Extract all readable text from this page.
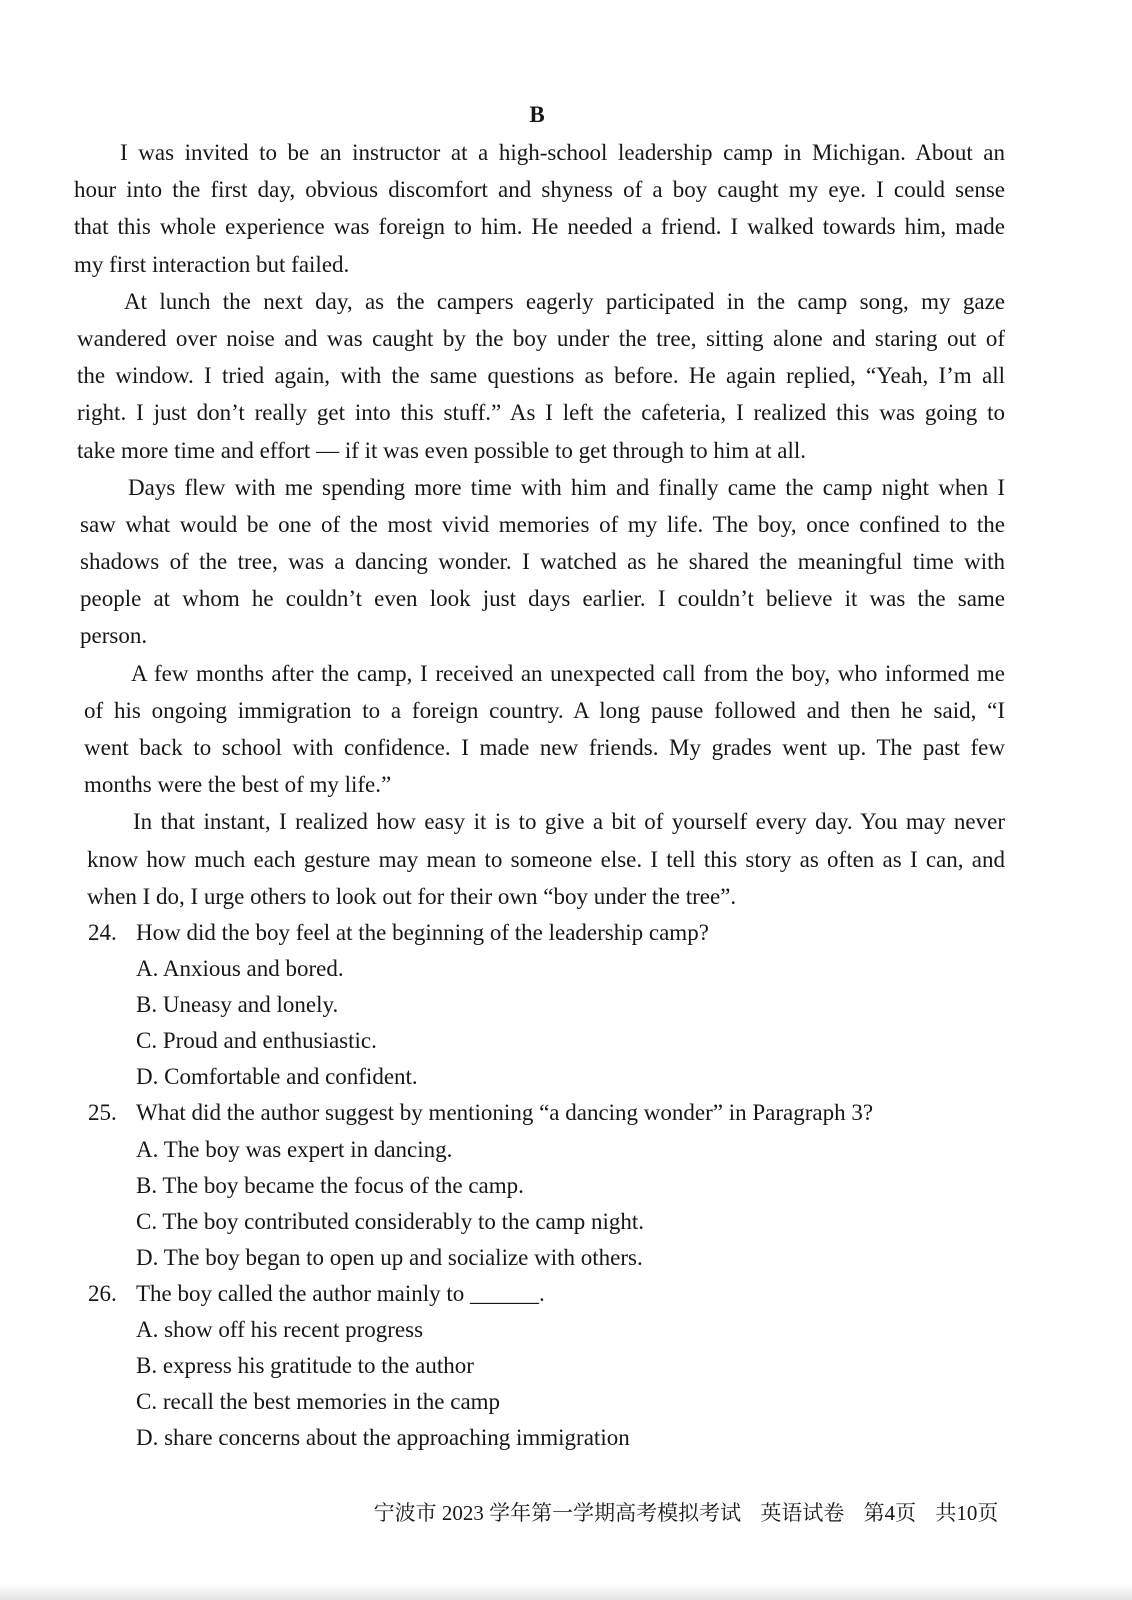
B
I was invited to be an instructor at a high-school leadership camp in Michigan. About an
hour into the first day, obvious discomfort and shyness of a boy caught my eye. I could sense
that this whole experience was foreign to him. He needed a friend. I walked towards him, made
my first interaction but failed.
At lunch the next day, as the campers eagerly participated in the camp song, my gaze
wandered over noise and was caught by the boy under the tree, sitting alone and staring out of
the window. I tried again, with the same questions as before. He again replied, “Yeah, I’m all
right. I just don’t really get into this stuff.” As I left the cafeteria, I realized this was going to
take more time and effort — if it was even possible to get through to him at all.
Days flew with me spending more time with him and finally came the camp night when I
saw what would be one of the most vivid memories of my life. The boy, once confined to the
shadows of the tree, was a dancing wonder. I watched as he shared the meaningful time with
people at whom he couldn’t even look just days earlier. I couldn’t believe it was the same
person.
A few months after the camp, I received an unexpected call from the boy, who informed me
of his ongoing immigration to a foreign country. A long pause followed and then he said, “I
went back to school with confidence. I made new friends. My grades went up. The past few
months were the best of my life.”
In that instant, I realized how easy it is to give a bit of yourself every day. You may never
know how much each gesture may mean to someone else. I tell this story as often as I can, and
when I do, I urge others to look out for their own “boy under the tree”.
24. How did the boy feel at the beginning of the leadership camp?
A. Anxious and bored.
B. Uneasy and lonely.
C. Proud and enthusiastic.
D. Comfortable and confident.
25. What did the author suggest by mentioning “a dancing wonder” in Paragraph 3?
A. The boy was expert in dancing.
B. The boy became the focus of the camp.
C. The boy contributed considerably to the camp night.
D. The boy began to open up and socialize with others.
26. The boy called the author mainly to ______.
A. show off his recent progress
B. express his gratitude to the author
C. recall the best memories in the camp
D. share concerns about the approaching immigration
宁波市 2023 学年第一学期高考模拟考试 英语试卷 第4页 共10页
